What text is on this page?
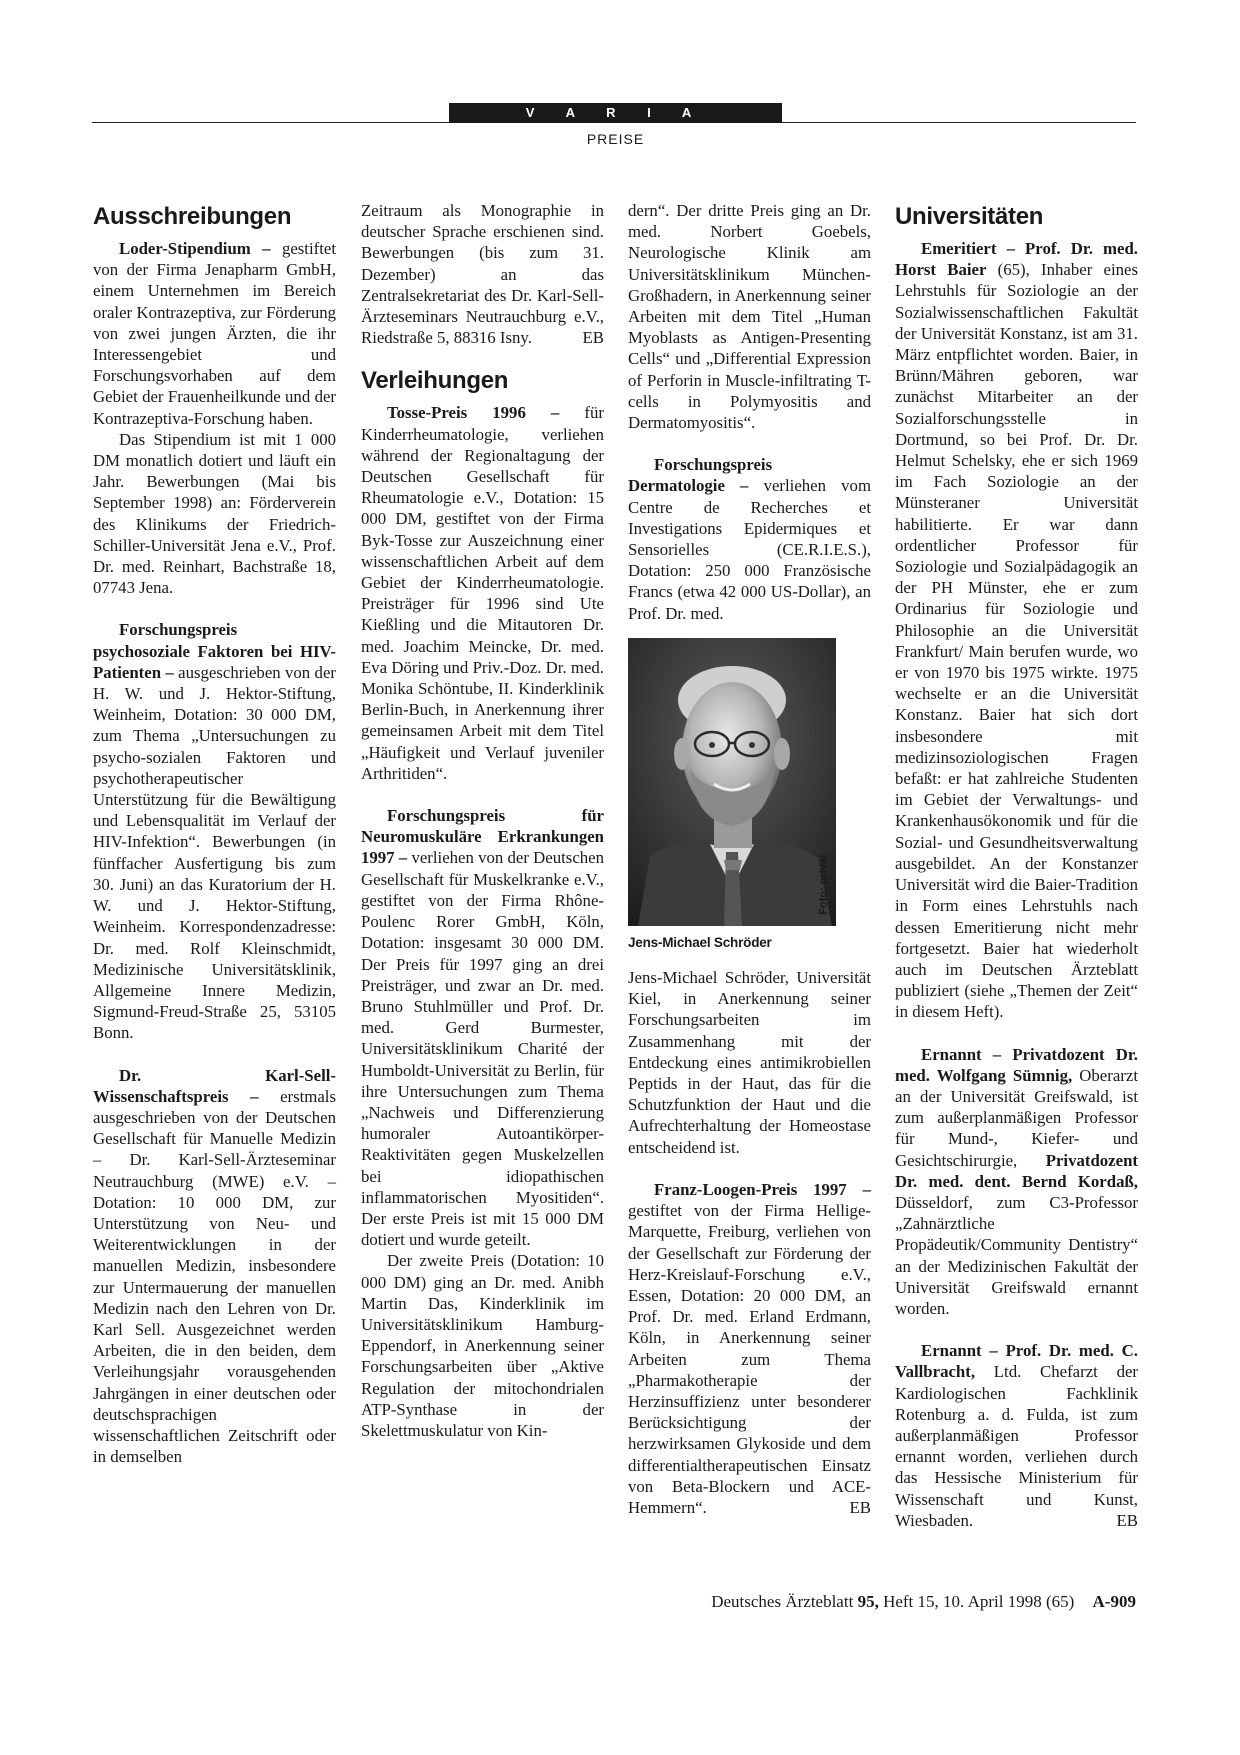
V A R I A
PREISE
Ausschreibungen

Loder-Stipendium – gestiftet von der Firma Jenapharm GmbH, einem Unternehmen im Bereich oraler Kontrazeptiva, zur Förderung von zwei jungen Ärzten, die ihr Interessengebiet und Forschungsvorhaben auf dem Gebiet der Frauenheilkunde und der Kontrazeptiva-Forschung haben.

Das Stipendium ist mit 1 000 DM monatlich dotiert und läuft ein Jahr. Bewerbungen (Mai bis September 1998) an: Förderverein des Klinikums der Friedrich-Schiller-Universität Jena e.V., Prof. Dr. med. Reinhart, Bachstraße 18, 07743 Jena.

Forschungspreis psychosoziale Faktoren bei HIV-Patienten – ausgeschrieben von der H. W. und J. Hektor-Stiftung, Weinheim, Dotation: 30 000 DM, zum Thema „Untersuchungen zu psycho-sozialen Faktoren und psychotherapeutischer Unterstützung für die Bewältigung und Lebensqualität im Verlauf der HIV-Infektion“. Bewerbungen (in fünffacher Ausfertigung bis zum 30. Juni) an das Kuratorium der H. W. und J. Hektor-Stiftung, Weinheim. Korrespondenzadresse: Dr. med. Rolf Kleinschmidt, Medizinische Universitätsklinik, Allgemeine Innere Medizin, Sigmund-Freud-Straße 25, 53105 Bonn.

Dr. Karl-Sell-Wissenschaftspreis – erstmals ausgeschrieben von der Deutschen Gesellschaft für Manuelle Medizin – Dr. Karl-Sell-Ärzteseminar Neutrauchburg (MWE) e.V. – Dotation: 10 000 DM, zur Unterstützung von Neu- und Weiterentwicklungen in der manuellen Medizin, insbesondere zur Untermauerung der manuellen Medizin nach den Lehren von Dr. Karl Sell. Ausgezeichnet werden Arbeiten, die in den beiden, dem Verleihungsjahr vorausgehenden Jahrgängen in einer deutschen oder deutschsprachigen wissenschaftlichen Zeitschrift oder in demselben

Zeitraum als Monographie in deutscher Sprache erschienen sind. Bewerbungen (bis zum 31. Dezember) an das Zentralsekretariat des Dr. Karl-Sell-Ärzteseminars Neutrauchburg e.V., Riedstraße 5, 88316 Isny.	EB

Verleihungen

Tosse-Preis 1996 – für Kinderrheumatologie, verliehen während der Regionaltagung der Deutschen Gesellschaft für Rheumatologie e.V., Dotation: 15 000 DM, gestiftet von der Firma Byk-Tosse zur Auszeichnung einer wissenschaftlichen Arbeit auf dem Gebiet der Kinderrheumatologie. Preisträger für 1996 sind Ute Kießling und die Mitautoren Dr. med. Joachim Meincke, Dr. med. Eva Döring und Priv.-Doz. Dr. med. Monika Schöntube, II. Kinderklinik Berlin-Buch, in Anerkennung ihrer gemeinsamen Arbeit mit dem Titel „Häufigkeit und Verlauf juveniler Arthritiden“.

Forschungspreis für Neuromuskuläre Erkrankungen 1997 – verliehen von der Deutschen Gesellschaft für Muskelkranke e.V., gestiftet von der Firma Rhône-Poulenc Rorer GmbH, Köln, Dotation: insgesamt 30 000 DM. Der Preis für 1997 ging an drei Preisträger, und zwar an Dr. med. Bruno Stuhlmüller und Prof. Dr. med. Gerd Burmester, Universitätsklinikum Charité der Humboldt-Universität zu Berlin, für ihre Untersuchungen zum Thema „Nachweis und Differenzierung humoraler Autoantikörper-Reaktivitäten gegen Muskelzellen bei idiopathischen inflammatorischen Myositiden“. Der erste Preis ist mit 15 000 DM dotiert und wurde geteilt.

Der zweite Preis (Dotation: 10 000 DM) ging an Dr. med. Anibh Martin Das, Kinderklinik im Universitätsklinikum Hamburg-Eppendorf, in Anerkennung seiner Forschungsarbeiten über „Aktive Regulation der mitochondrialen ATP-Synthase in der Skelettmuskulatur von Kin-

dern“. Der dritte Preis ging an Dr. med. Norbert Goebels, Neurologische Klinik am Universitätsklinikum München-Großhadern, in Anerkennung seiner Arbeiten mit dem Titel „Human Myoblasts as Antigen-Presenting Cells“ und „Differential Expression of Perforin in Muscle-infiltrating T-cells in Polymyositis and Dermatomyositis“.

Forschungspreis Dermatologie – verliehen vom Centre de Recherches et Investigations Epidermiques et Sensorielles (CE.R.I.E.S.), Dotation: 250 000 Französische Francs (etwa 42 000 US-Dollar), an Prof. Dr. med.

Foto: privat
Jens-Michael Schröder

Jens-Michael Schröder, Universität Kiel, in Anerkennung seiner Forschungsarbeiten im Zusammenhang mit der Entdeckung eines antimikrobiellen Peptids in der Haut, das für die Schutzfunktion der Haut und die Aufrechterhaltung der Homeostase entscheidend ist.

Franz-Loogen-Preis 1997 – gestiftet von der Firma Hellige-Marquette, Freiburg, verliehen von der Gesellschaft zur Förderung der Herz-Kreislauf-Forschung e.V., Essen, Dotation: 20 000 DM, an Prof. Dr. med. Erland Erdmann, Köln, in Anerkennung seiner Arbeiten zum Thema „Pharmakotherapie der Herzinsuffizienz unter besonderer Berücksichtigung der herzwirksamen Glykoside und dem differentialtherapeutischen Einsatz von Beta-Blockern und ACE-Hemmern“.	EB

Universitäten

Emeritiert – Prof. Dr. med. Horst Baier (65), Inhaber eines Lehrstuhls für Soziologie an der Sozialwissenschaftlichen Fakultät der Universität Konstanz, ist am 31. März entpflichtet worden. Baier, in Brünn/Mähren geboren, war zunächst Mitarbeiter an der Sozialforschungsstelle in Dortmund, so bei Prof. Dr. Dr. Helmut Schelsky, ehe er sich 1969 im Fach Soziologie an der Münsteraner Universität habilitierte. Er war dann ordentlicher Professor für Soziologie und Sozialpädagogik an der PH Münster, ehe er zum Ordinarius für Soziologie und Philosophie an die Universität Frankfurt/ Main berufen wurde, wo er von 1970 bis 1975 wirkte. 1975 wechselte er an die Universität Konstanz. Baier hat sich dort insbesondere mit medizinsoziologischen Fragen befaßt: er hat zahlreiche Studenten im Gebiet der Verwaltungs- und Krankenhausökonomik und für die Sozial- und Gesundheitsverwaltung ausgebildet. An der Konstanzer Universität wird die Baier-Tradition in Form eines Lehrstuhls nach dessen Emeritierung nicht mehr fortgesetzt. Baier hat wiederholt auch im Deutschen Ärzteblatt publiziert (siehe „Themen der Zeit“ in diesem Heft).

Ernannt – Privatdozent Dr. med. Wolfgang Sümnig, Oberarzt an der Universität Greifswald, ist zum außerplanmäßigen Professor für Mund-, Kiefer- und Gesichtschirurgie, Privatdozent Dr. med. dent. Bernd Kordaß, Düsseldorf, zum C3-Professor „Zahnärztliche Propädeutik/Community Dentistry“ an der Medizinischen Fakultät der Universität Greifswald ernannt worden.

Ernannt – Prof. Dr. med. C. Vallbracht, Ltd. Chefarzt der Kardiologischen Fachklinik Rotenburg a. d. Fulda, ist zum außerplanmäßigen Professor ernannt worden, verliehen durch das Hessische Ministerium für Wissenschaft und Kunst, Wiesbaden.	EB

Deutsches Ärzteblatt 95, Heft 15, 10. April 1998 (65) A-909
